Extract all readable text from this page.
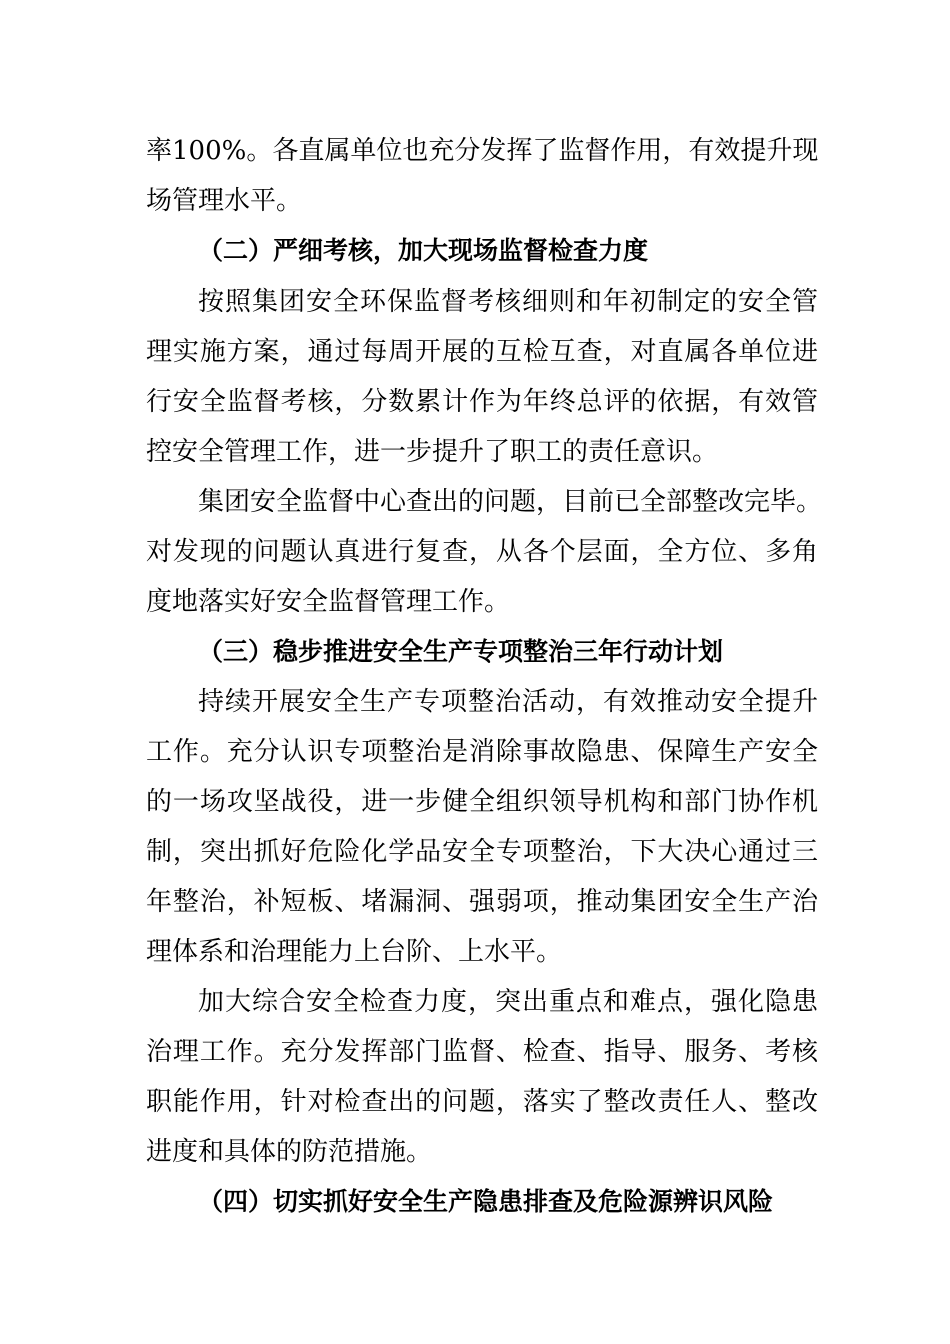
率100%。各直属单位也充分发挥了监督作用，有效提升现
场管理水平。
（二）严细考核，加大现场监督检查力度
按照集团安全环保监督考核细则和年初制定的安全管
理实施方案，通过每周开展的互检互查，对直属各单位进
行安全监督考核，分数累计作为年终总评的依据，有效管
控安全管理工作，进一步提升了职工的责任意识。
集团安全监督中心查出的问题，目前已全部整改完毕。
对发现的问题认真进行复查，从各个层面，全方位、多角
度地落实好安全监督管理工作。
（三）稳步推进安全生产专项整治三年行动计划
持续开展安全生产专项整治活动，有效推动安全提升
工作。充分认识专项整治是消除事故隐患、保障生产安全
的一场攻坚战役，进一步健全组织领导机构和部门协作机
制，突出抓好危险化学品安全专项整治，下大决心通过三
年整治，补短板、堵漏洞、强弱项，推动集团安全生产治
理体系和治理能力上台阶、上水平。
加大综合安全检查力度，突出重点和难点，强化隐患
治理工作。充分发挥部门监督、检查、指导、服务、考核
职能作用，针对检查出的问题，落实了整改责任人、整改
进度和具体的防范措施。
（四）切实抓好安全生产隐患排查及危险源辨识风险
